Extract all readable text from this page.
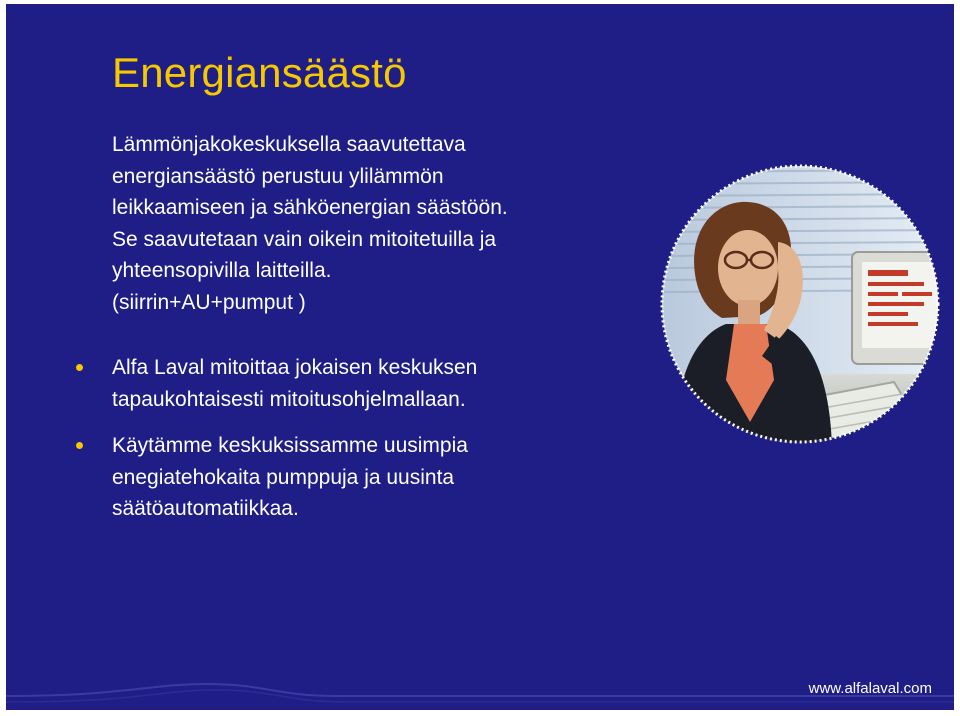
Energiansäästö

Lämmönjakokeskuksella saavutettava
energiansäästö perustuu ylilämmön
leikkaamiseen ja sähköenergian säästöön.
Se saavutetaan vain oikein mitoitetuilla ja
yhteensopivilla laitteilla.
(siirrin+AU+pumput )

Alfa Laval mitoittaa jokaisen keskuksen
tapaukohtaisesti mitoitusohjelmallaan.
Käytämme keskuksissamme uusimpia
enegiatehokaita pumppuja ja uusinta
säätöautomatiikkaa.

www.alfalaval.com
